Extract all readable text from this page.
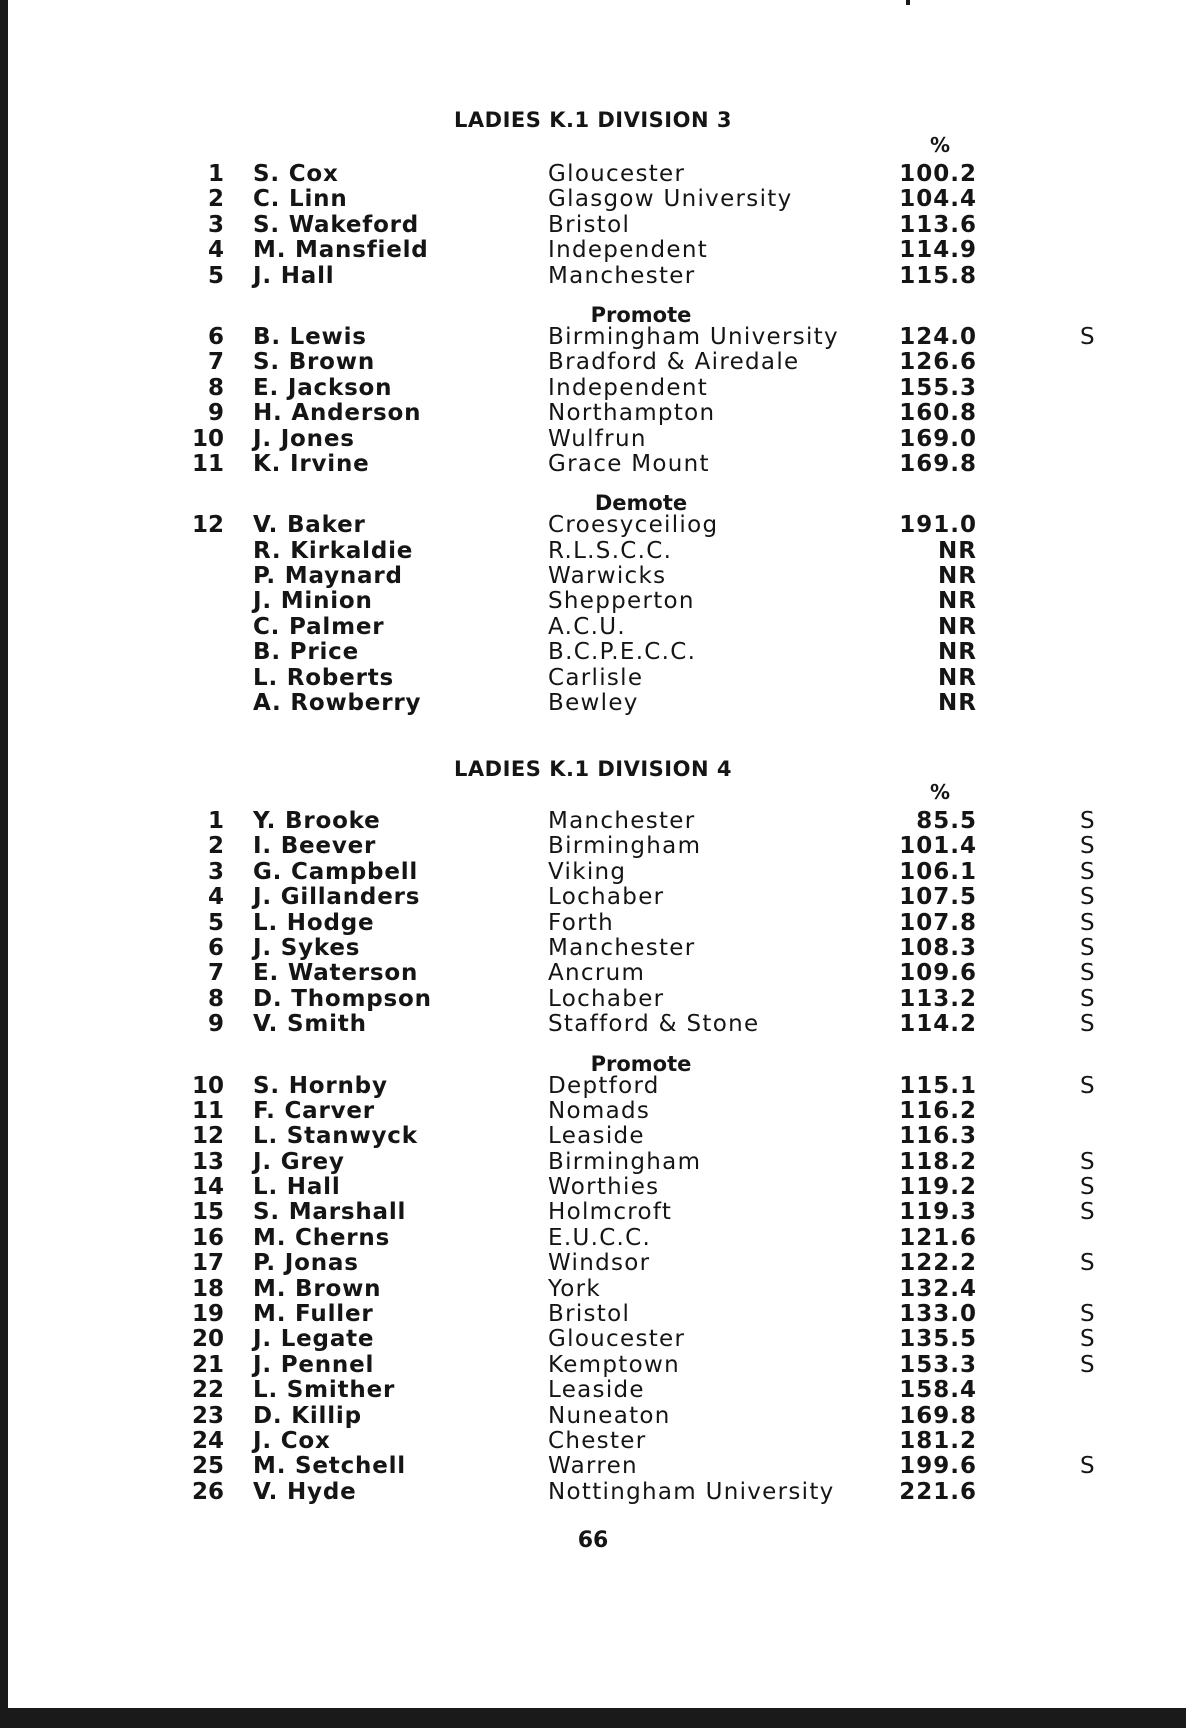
LADIES K.1 DIVISION 3
%
1 S. Cox	Gloucester	100.2
2 C. Linn	Glasgow University	104.4
3 S. Wakeford	Bristol	113.6
4 M. Mansfield	Independent	114.9
5 J. Hall	Manchester	115.8
Promote
6 B. Lewis	Birmingham University	124.0	S
7 S. Brown	Bradford & Airedale	126.6
8 E. Jackson	Independent	155.3
9 H. Anderson	Northampton	160.8
10 J. Jones	Wulfrun	169.0
11 K. Irvine	Grace Mount	169.8
Demote
12 V. Baker	Croesyceiliog	191.0
R. Kirkaldie	R.L.S.C.C.	NR
P. Maynard	Warwicks	NR
J. Minion	Shepperton	NR
C. Palmer	A.C.U.	NR
B. Price	B.C.P.E.C.C.	NR
L. Roberts	Carlisle	NR
A. Rowberry	Bewley	NR
LADIES K.1 DIVISION 4
%
1 Y. Brooke	Manchester	85.5	S
2 I. Beever	Birmingham	101.4	S
3 G. Campbell	Viking	106.1	S
4 J. Gillanders	Lochaber	107.5	S
5 L. Hodge	Forth	107.8	S
6 J. Sykes	Manchester	108.3	S
7 E. Waterson	Ancrum	109.6	S
8 D. Thompson	Lochaber	113.2	S
9 V. Smith	Stafford & Stone	114.2	S
Promote
10 S. Hornby	Deptford	115.1	S
11 F. Carver	Nomads	116.2
12 L. Stanwyck	Leaside	116.3
13 J. Grey	Birmingham	118.2	S
14 L. Hall	Worthies	119.2	S
15 S. Marshall	Holmcroft	119.3	S
16 M. Cherns	E.U.C.C.	121.6
17 P. Jonas	Windsor	122.2	S
18 M. Brown	York	132.4
19 M. Fuller	Bristol	133.0	S
20 J. Legate	Gloucester	135.5	S
21 J. Pennel	Kemptown	153.3	S
22 L. Smither	Leaside	158.4
23 D. Killip	Nuneaton	169.8
24 J. Cox	Chester	181.2
25 M. Setchell	Warren	199.6	S
26 V. Hyde	Nottingham University	221.6
66
